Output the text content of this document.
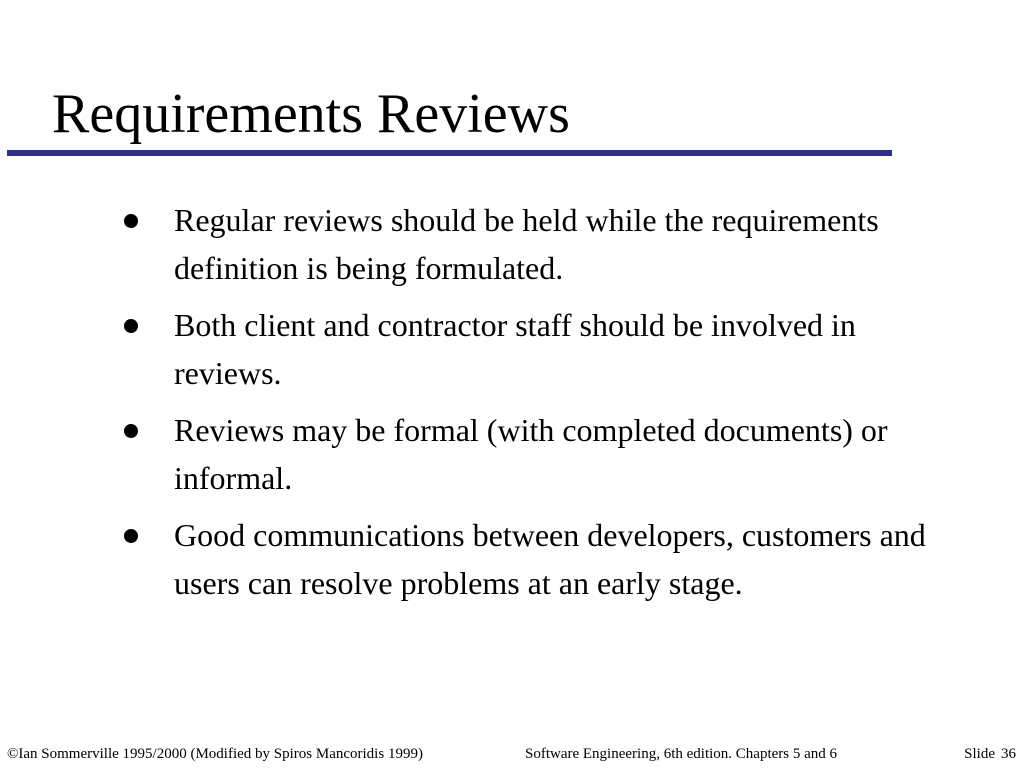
Requirements Reviews
Regular reviews should be held while the requirements definition is being formulated.
Both client and contractor staff should be involved in reviews.
Reviews may be formal (with completed documents) or informal.
Good communications between developers, customers and users can resolve problems at an early stage.
©Ian Sommerville 1995/2000 (Modified by Spiros Mancoridis 1999)	Software Engineering, 6th edition. Chapters 5 and 6	Slide 36
